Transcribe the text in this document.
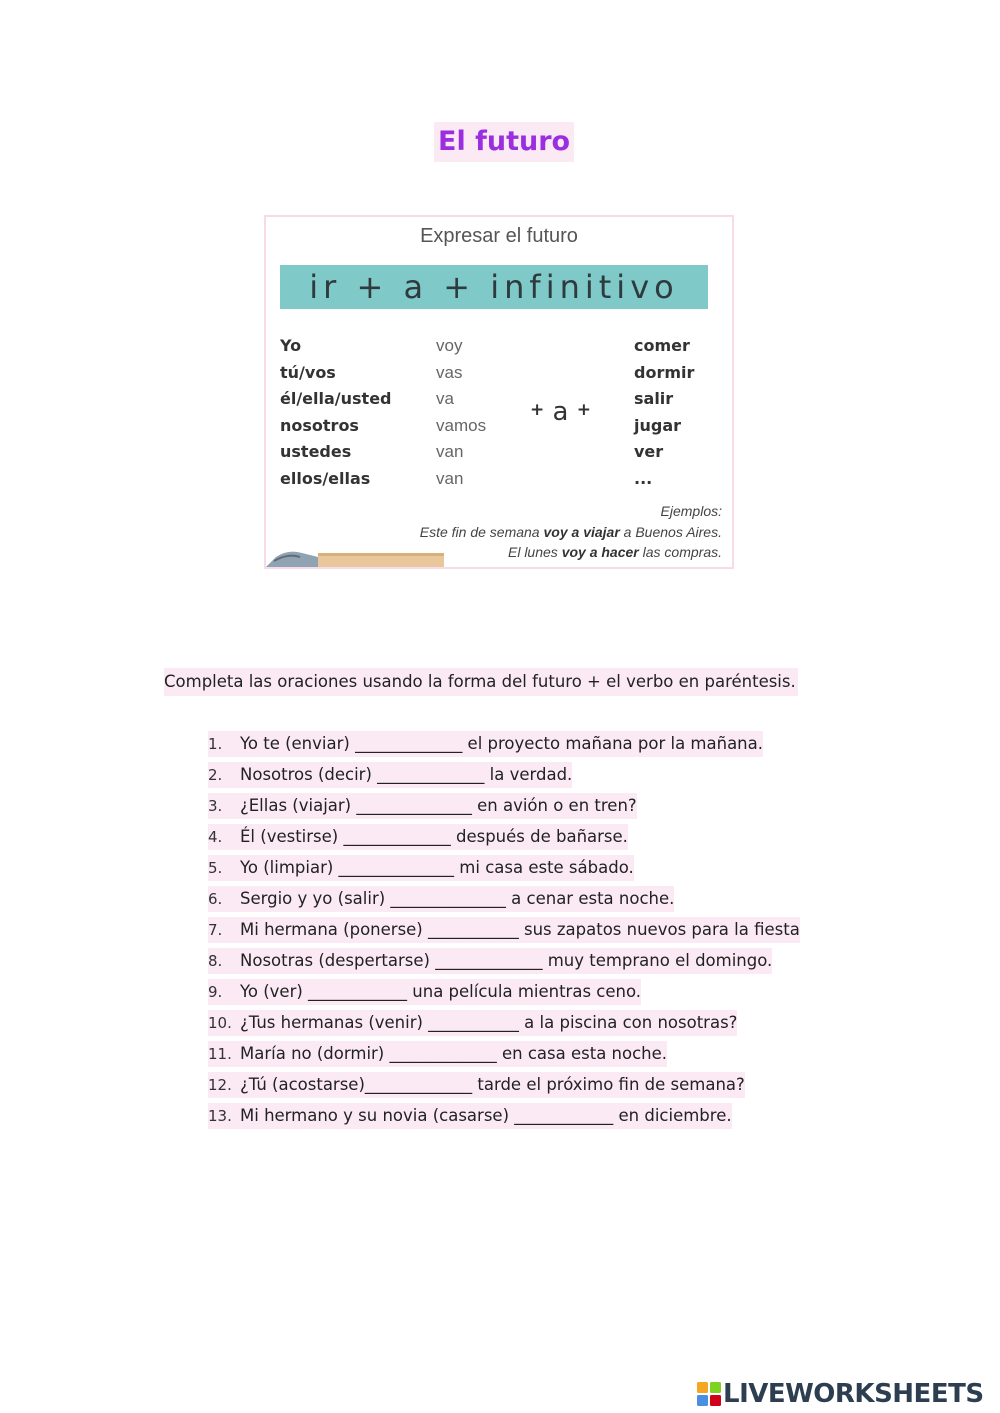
El futuro
Expresar el futuro
ir + a + infinitivo
Yo
tú/vos
él/ella/usted
nosotros
ustedes
ellos/ellas
voy
vas
va
vamos
van
van
+ a +
comer
dormir
salir
jugar
ver
...
Ejemplos:
Este fin de semana voy a viajar a Buenos Aires.
El lunes voy a hacer las compras.
Completa las oraciones usando la forma del futuro + el verbo en paréntesis.
1. Yo te (enviar) _____________ el proyecto mañana por la mañana.
2. Nosotros (decir) _____________ la verdad.
3. ¿Ellas (viajar) ______________ en avión o en tren?
4. Él (vestirse) _____________ después de bañarse.
5. Yo (limpiar) ______________ mi casa este sábado.
6. Sergio y yo (salir) ______________ a cenar esta noche.
7. Mi hermana (ponerse) ___________ sus zapatos nuevos para la fiesta
8. Nosotras (despertarse) _____________ muy temprano el domingo.
9. Yo (ver) ____________ una película mientras ceno.
10. ¿Tus hermanas (venir) ___________ a la piscina con nosotras?
11. María no (dormir) _____________ en casa esta noche.
12. ¿Tú (acostarse)_____________ tarde el próximo fin de semana?
13. Mi hermano y su novia (casarse) ____________ en diciembre.
LIVEWORKSHEETS
